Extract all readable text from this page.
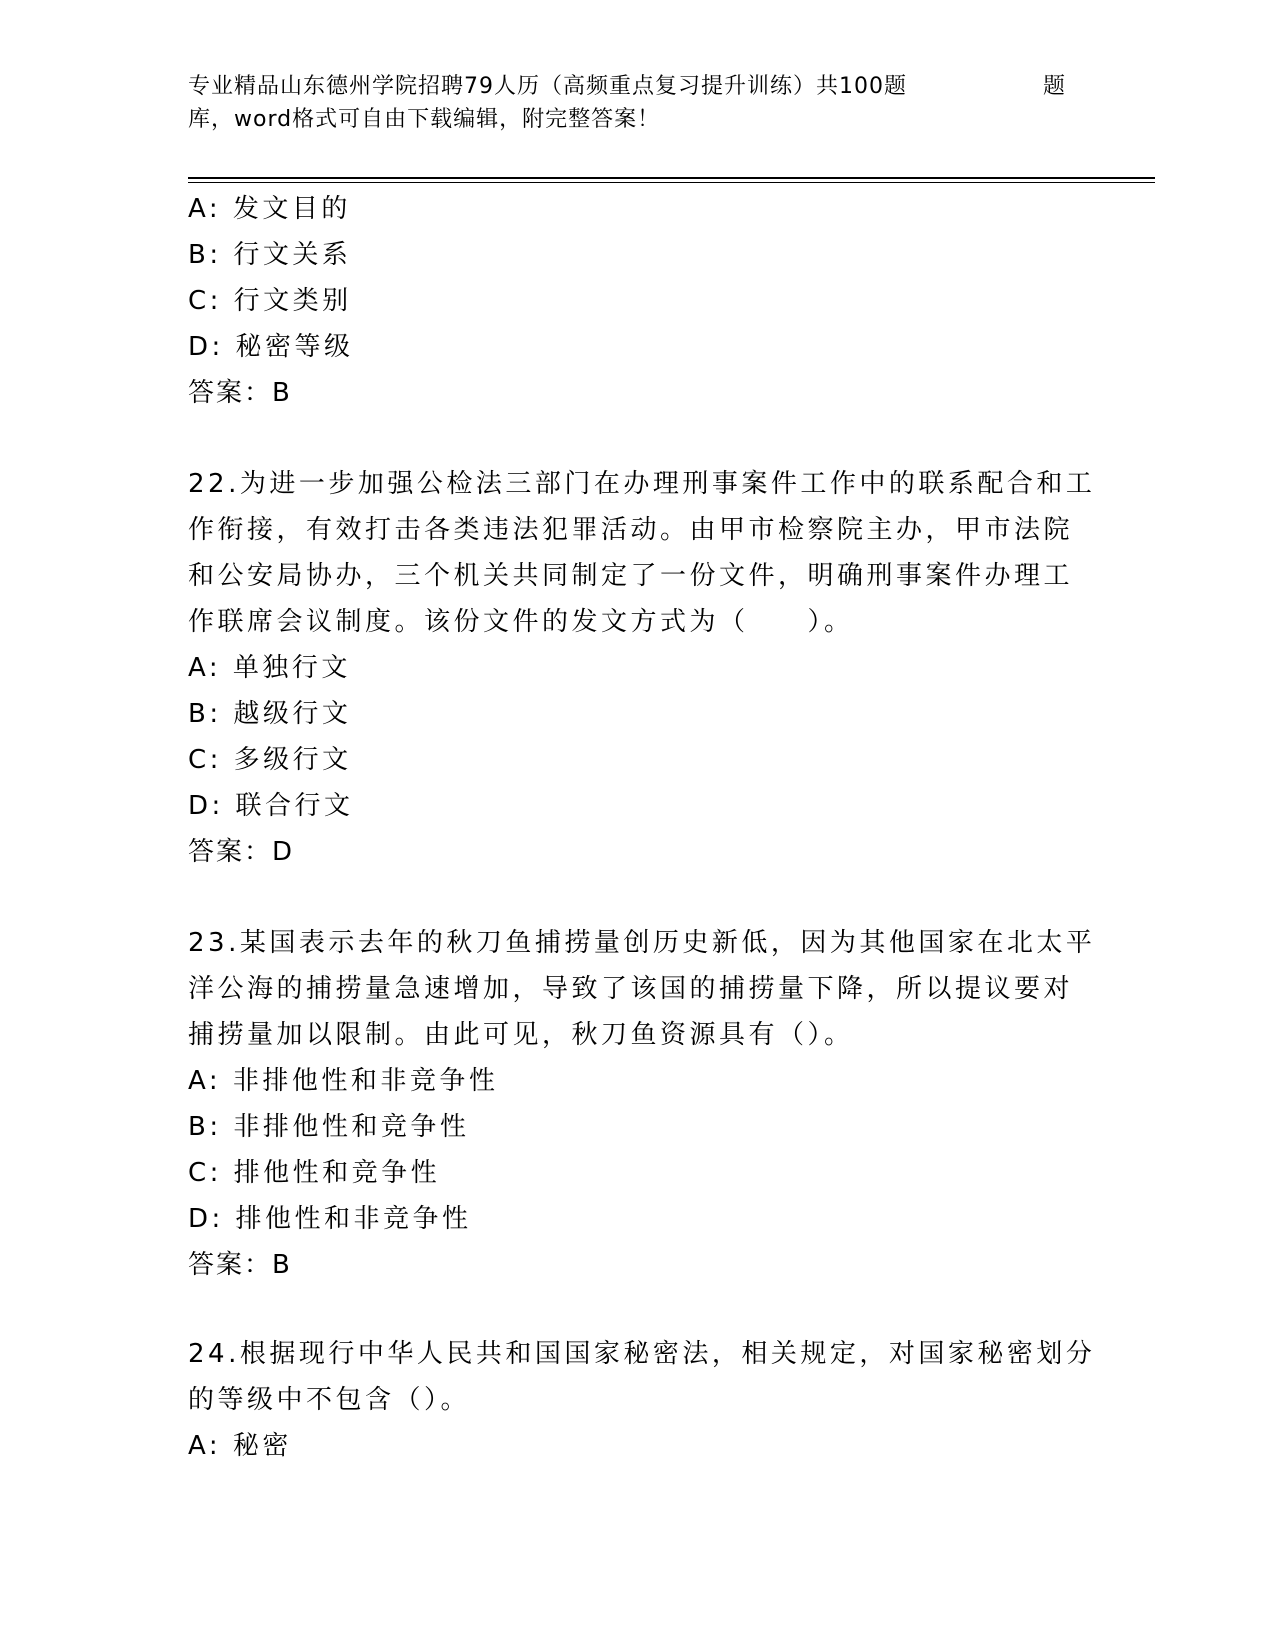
专业精品山东德州学院招聘79人历（高频重点复习提升训练）共100题	题
库，word格式可自由下载编辑，附完整答案！
A: 发文目的
B: 行文关系
C: 行文类别
D: 秘密等级
答案：B
22.为进一步加强公检法三部门在办理刑事案件工作中的联系配合和工
作衔接，有效打击各类违法犯罪活动。由甲市检察院主办，甲市法院
和公安局协办，三个机关共同制定了一份文件，明确刑事案件办理工
作联席会议制度。该份文件的发文方式为（　　）。
A: 单独行文
B: 越级行文
C: 多级行文
D: 联合行文
答案：D
23.某国表示去年的秋刀鱼捕捞量创历史新低，因为其他国家在北太平
洋公海的捕捞量急速增加，导致了该国的捕捞量下降，所以提议要对
捕捞量加以限制。由此可见，秋刀鱼资源具有（）。
A: 非排他性和非竞争性
B: 非排他性和竞争性
C: 排他性和竞争性
D: 排他性和非竞争性
答案：B
24.根据现行中华人民共和国国家秘密法，相关规定，对国家秘密划分
的等级中不包含（）。
A: 秘密
